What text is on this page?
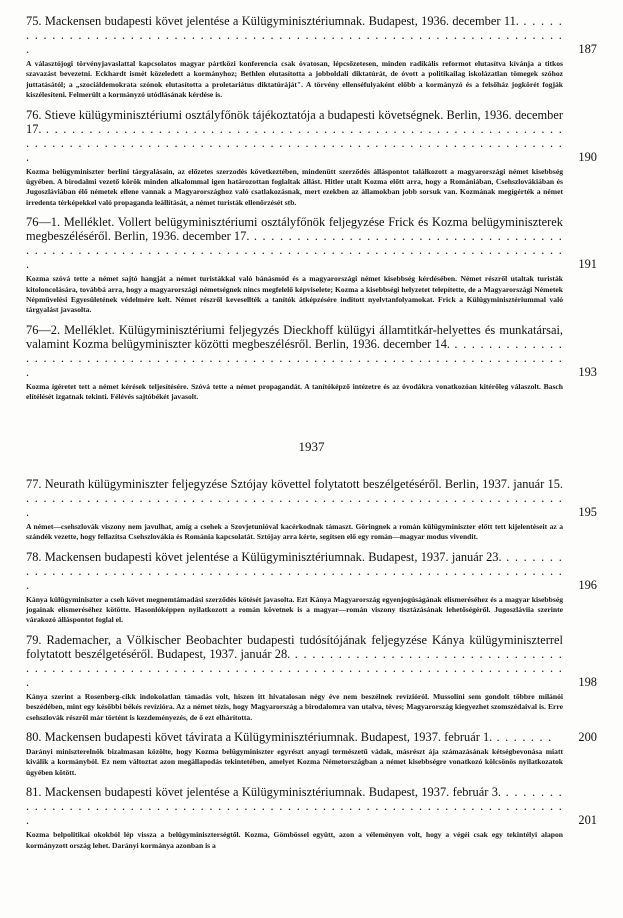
75. Mackensen budapesti követ jelentése a Külügyminisztériumnak. Budapest, 1936. december 11. . . . . . . . . . . . . . . . . . . . . . . . . . . . . . . . . . . . . . . . . . . . . . . . . . . . . . . . . . . . . . . . . . . . .	187
A választójogi törvényjavaslattal kapcsolatos magyar pártközi konferencia csak óvatosan, lépcsőzetesen, minden radikális reformot elutasítva kívánja a titkos szavazást bevezetni. Eckhardt ismét közeledett a kormányhoz; Bethlen elutasította a jobboldali diktatúrát, de óvott a politikailag iskolázatlan tömegek szóhoz juttatásától; a „szociáldemokrata szónok elutasította a proletariátus diktatúráját". A törvény ellenséfulyaként előbb a kormányzó és a felsőház jogkörét fogják kiszélesíteni. Felmerült a kormányzó utódlásának kérdése is.
76. Stieve külügyminisztériumi osztályfőnök tájékoztatója a budapesti követségnek. Berlin, 1936. december 17. . . . . . . . . . . . . . . . . . . . . . . . . . . . . . . . . . . . . . . . . . . . . . . . . . . . . . . . . . . . . . . . . . . . . . . . . . . . . . . . . . . . . . . . . . . . . . . . . . . . . . . . . . . . . . . . . . . . . . . . . . . .	190
Kozma belügyminiszter berlini tárgyalásain, az előzetes szerzodés következtében, mindenütt szerződés álláspontot találkozott a magyarországi német kisebbség ügyében. A birodalmi vezető körök minden alkalommal igen határozottan foglaltak állást. Hitler utalt Kozma előtt arra, hogy a Romániában, Csehszlovákiában és Jugoszláviában élő németek ellene vannak a Magyarországhoz való csatlakozásnak, mert ezekben az államokban jobb sorsuk van. Kozmának megígérték a német irredenta térképekkel való propaganda leállítását, a német turisták ellenőrzését stb.
76—1. Melléklet. Vollert belügyminisztériumi osztályfőnök feljegyzése Frick és Kozma belügyminiszterek megbeszéléséről. Berlin, 1936. december 17. . . . . . . . . . . . . . . . . . . . . . . . . . . . . . . . . . . . . . . . . . . . . . . . . . . . . . . . . . . . . . . . . . . . . . . . . . . . . . . . . . . . . . . . . . . . . . . . . . . .	191
Kozma szóvá tette a német sajtó hangját a német turistákkal való bánásmód és a magyarországi német kisebbség kérdésében. Német részről utaltak turisták kitoloncolására, továbbá arra, hogy a magyarországi németségnek nincs megfelelő képviselete; Kozma a kisebbségi helyzetet telepítette, de a Magyarországi Németek Népművelési Egyesületének védelmére kelt. Német részről kevesellték a tanítók átképzésére indított nyelvtanfolyamokat. Frick a Külügyminisztériummal való tárgyalást javasolta.
76—2. Melléklet. Külügyminisztériumi feljegyzés Dieckhoff külügyi államtitkár-helyettes és munkatársai, valamint Kozma belügyminiszter közötti megbeszélésről. Berlin, 1936. december 14. . . . . . . . . . . . . . . . . . . . . . . . . . . . . . . . . . . . . . . . . . . . . . . . . . . . . . . . . . . . . . . . . . . . . . . . . . . . .	193
Kozma ígéretet tett a német kérések teljesítésére. Szóvá tette a német propagandát. A tanítóképző intézetre és az óvodákra vonatkozóan kitérőleg válaszolt. Basch elítélését izgatnak tekinti. Félévés sajtóbékét javasolt.
1937
77. Neurath külügyminiszter feljegyzése Sztójay követtel folytatott beszélgetéséről. Berlin, 1937. január 15. . . . . . . . . . . . . . . . . . . . . . . . . . . . . . . . . . . . . . . . . . . . . . . . . . . . . . . . . . . . . . . .	195
A német—csehszlovák viszony nem javulhat, amíg a csehek a Szovjetunióval kacérkodnak támaszt. Göringnek a román külügyminiszter előtt tett kijelentéseit az a szándék vezette, hogy fellazítsa Csehszlovákia és Románia kapcsolatát. Sztójay arra kérte, segítsen elő egy román—magyar modus vivendit.
78. Mackensen budapesti követ jelentése a Külügyminisztériumnak. Budapest, 1937. január 23. . . . . . . . . . . . . . . . . . . . . . . . . . . . . . . . . . . . . . . . . . . . . . . . . . . . . . . . . . . . . . . . . . . . . . .	196
Kánya külügyminiszter a cseh követ megnemtámadási szerződés kötését javasolta. Ezt Kánya Magyarország egyenjogúságának elismeréséhez és a magyar kisebbség jogainak elismeréséhez kötötte. Hasonlóképpen nyilatkozott a román követnek is a magyar—román viszony tisztázásának lehetőségéről. Jugoszláviia szerinte várakozó álláspontot foglal el.
79. Rademacher, a Völkischer Beobachter budapesti tudósítójának feljegyzése Kánya külügyminiszterrel folytatott beszélgetéséről. Budapest, 1937. január 28. . . . . . . . . . . . . . . . . . . . . . . . . . . . . . . . . . . . . . . . . . . . . . . . . . . . . . . . . . . . . . . . . . . . . . . . . . . . . . . . . . . . . . . . . . . . . . .	198
Kánya szerint a Rosenberg-cikk indokolatlan támadás volt, hiszen itt hivatalosan négy éve nem beszélnek revízióról. Mussolini sem gondolt többre milánói beszédében, mint egy későbbi békés revízióra. Az a német tézis, hogy Magyarország a birodalomra van utalva, téves; Magyarország kiegyezhet szomszédaival is. Erre csehszlovák részről már történt is kezdeményezés, de ő ezt elhárította.
80. Mackensen budapesti követ távirata a Külügyminisztériumnak. Budapest, 1937. február 1. . . . . . . . 200
Darányi miniszterelnök bizalmasan közölte, hogy Kozma belügyminiszter egyrészt anyagi természetű vádak, másrészt ája számazásának kétségbevonása miatt kiválik a kormányból. Ez nem változtat azon megállapodás tekintetében, amelyet Kozma Németországban a német kisebbségre vonatkozó kölcsönös nyilatkozatok ügyében kötött.
81. Mackensen budapesti követ jelentése a Külügyminisztériumnak. Budapest, 1937. február 3. . . . . . . . . . . . . . . . . . . . . . . . . . . . . . . . . . . . . . . . . . . . . . . . . . . . . . . . . . . . . . . . . . . . . . .	201
Kozma belpolitikai okokból lép vissza a belügyminiszterségtől. Kozma, Gömbössel együtt, azon a véleményen volt, hogy a végéi csak egy tekintélyi alapon kormányzott ország lehet. Darányi kormánya azonban is a
